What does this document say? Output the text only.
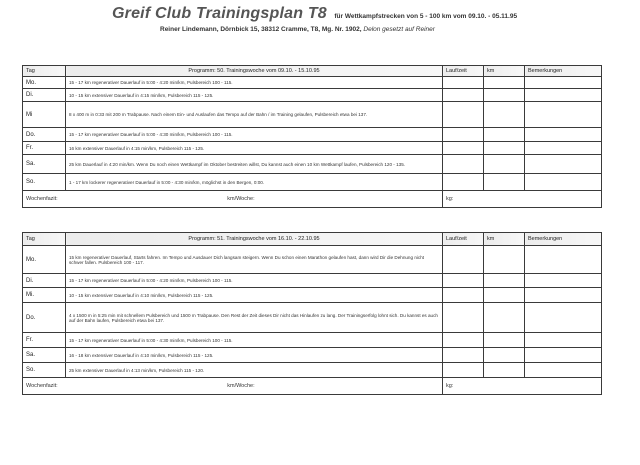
Greif Club Trainingsplan T8 für Wettkampfstrecken von 5 - 100 km vom 09.10. - 05.11.95
Reiner Lindemann, Dörnbick 15, 38312 Cramme, T8, Mg. Nr. 1902, Delon gesetzt auf Reiner
Tag	Programm: 50. Trainingswoche vom 09.10. - 15.10.95	Lauf/zeit	km	Bemerkungen
Mo.	15 - 17 km regenerativer Dauerlauf in 5:00 - 4:20 min/km, Pulsbereich 100 - 115.			
Di.	10 - 15 km extensiver Dauerlauf in 4:15 min/km, Pulsbereich 115 - 125.			
Mi	8 x 400 m in 0:33 mit 200 m Trabpause. Nach einem Ein- und Auslaufen das Tempo auf der Bahn / im Training gelaufen, Pulsbereich etwa bei 137.			
Do.	15 - 17 km regenerativer Dauerlauf in 5:00 - 4:30 min/km, Pulsbereich 100 - 115.			
Fr.	16 km extensiver Dauerlauf in 4:15 min/km, Pulsbereich 115 - 125.			
Sa.	25 km Dauerlauf in 4:20 min/km. Wenn Du noch einen Wettkampf im Oktober bestreiten willst, Du kannst auch einen 10 km Wettkampf laufen, Pulsbereich 120 - 135.			
So.	1 - 17 km lockerer regenerativer Dauerlauf in 5:00 - 4:30 min/km, möglichst in den Bergen, 0:00.			
Wochenfazit: km/Woche:		kg:		
Tag	Programm: 51. Trainingswoche vom 16.10. - 22.10.95	Lauf/zeit	km	Bemerkungen
Mo.	15 km regenerativer Dauerlauf, Starts fahren. Im Tempo und Ausdauer Dich langsam steigern. Wenn Du schon einen Marathon gelaufen hast, dann wird Dir die Dehnung nicht schwer fallen. Pulsbereich 100 - 117.			
Di.	15 - 17 km regenerativer Dauerlauf in 5:00 - 4:20 min/km, Pulsbereich 100 - 115.			
Mi.	10 - 15 km extensiver Dauerlauf in 4:10 min/km, Pulsbereich 115 - 125.			
Do.	4 x 1500 m in 5:25 min mit schnellem Pulsbereich und 1500 m Trabpause. Den Rest der Zeit dieses Dir nicht das Hinlaufen zu lang. Der Trainingserfolg lohnt sich. Du kannst es auch auf der Bahn laufen, Pulsbereich etwa bei 137.			
Fr.	15 - 17 km regenerativer Dauerlauf in 5:00 - 4:30 min/km, Pulsbereich 100 - 115.			
Sa.	16 - 18 km extensiver Dauerlauf in 4:10 min/km, Pulsbereich 115 - 125.			
So.	25 km extensiver Dauerlauf in 4:13 min/km, Pulsbereich 115 - 120.			
Wochenfazit: km/Woche:		kg:		
